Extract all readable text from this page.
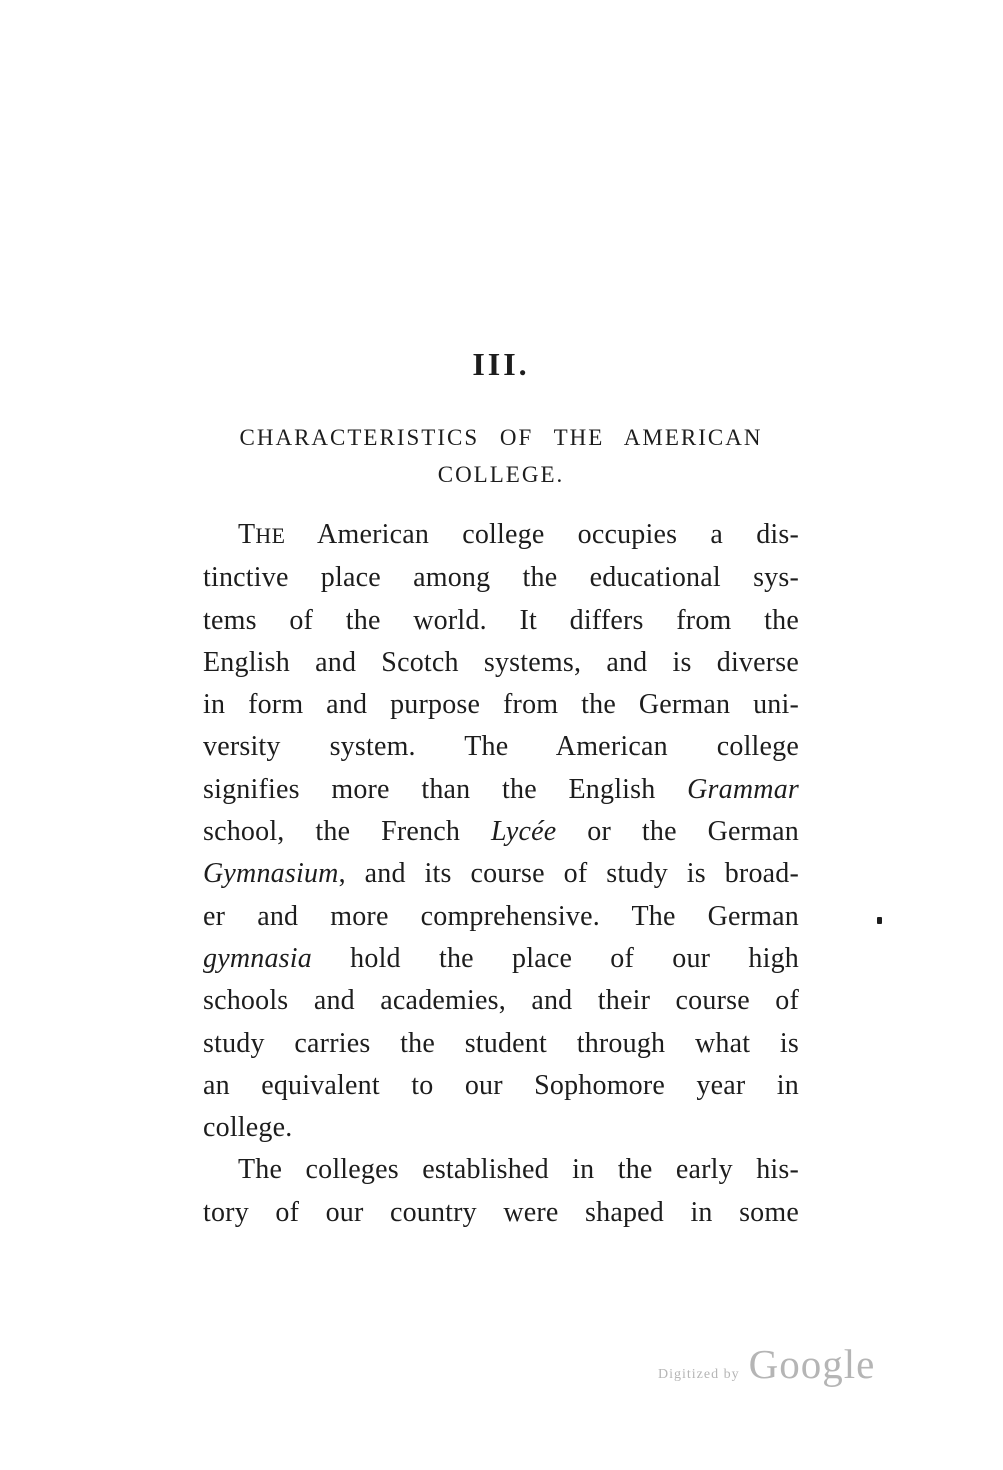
III.
CHARACTERISTICS OF THE AMERICAN
COLLEGE.
THE American college occupies a dis-
tinctive place among the educational sys-
tems of the world. It differs from the
English and Scotch systems, and is diverse
in form and purpose from the German uni-
versity system. The American college
signifies more than the English Grammar
school, the French Lycée or the German
Gymnasium, and its course of study is broad-
er and more comprehensive. The German
gymnasia hold the place of our high
schools and academies, and their course of
study carries the student through what is
an equivalent to our Sophomore year in
college.
The colleges established in the early his-
tory of our country were shaped in some
Digitized by Google
